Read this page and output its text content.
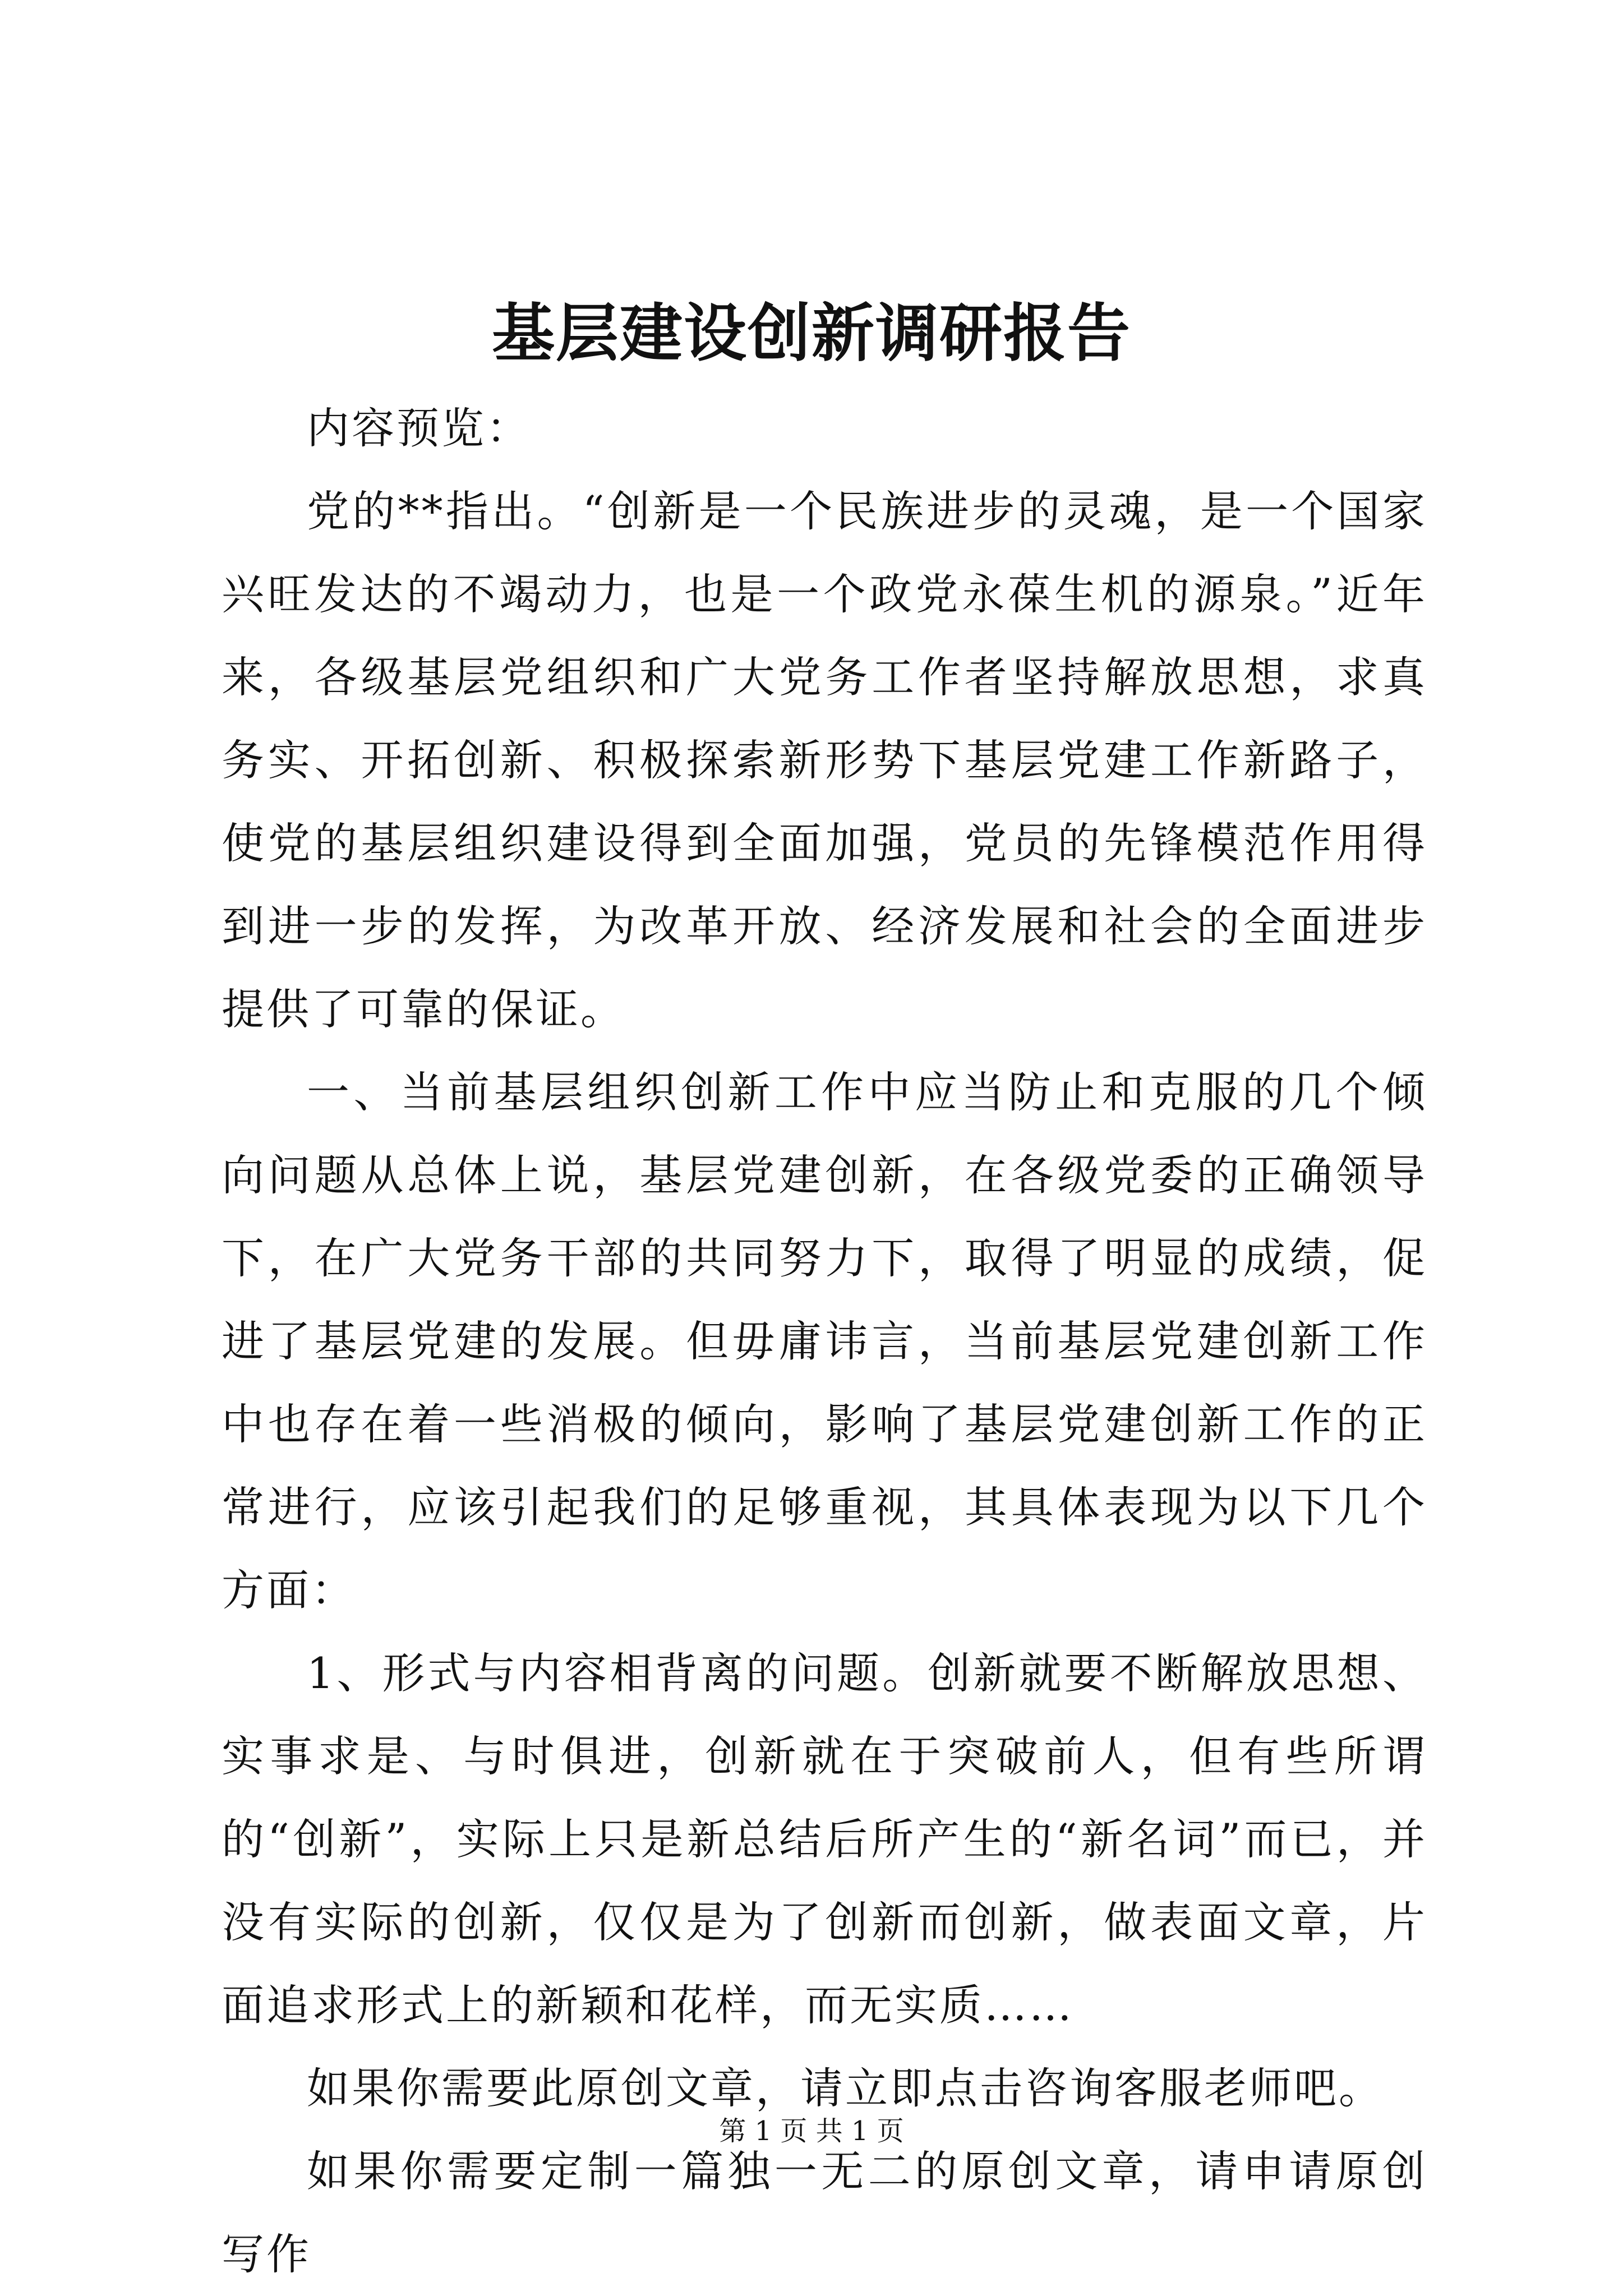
基层建设创新调研报告

内容预览：

党的**指出。“创新是一个民族进步的灵魂，是一个国家兴旺发达的不竭动力，也是一个政党永葆生机的源泉。”近年来，各级基层党组织和广大党务工作者坚持解放思想，求真务实、开拓创新、积极探索新形势下基层党建工作新路子，使党的基层组织建设得到全面加强，党员的先锋模范作用得到进一步的发挥，为改革开放、经济发展和社会的全面进步提供了可靠的保证。

一、当前基层组织创新工作中应当防止和克服的几个倾向问题从总体上说，基层党建创新，在各级党委的正确领导下，在广大党务干部的共同努力下，取得了明显的成绩，促进了基层党建的发展。但毋庸讳言，当前基层党建创新工作中也存在着一些消极的倾向，影响了基层党建创新工作的正常进行，应该引起我们的足够重视，其具体表现为以下几个方面：

1、形式与内容相背离的问题。创新就要不断解放思想、实事求是、与时俱进，创新就在于突破前人，但有些所谓的“创新”，实际上只是新总结后所产生的“新名词”而已，并没有实际的创新，仅仅是为了创新而创新，做表面文章，片面追求形式上的新颖和花样，而无实质……

如果你需要此原创文章，请立即点击咨询客服老师吧。

如果你需要定制一篇独一无二的原创文章，请申请原创写作

第 1 页 共 1 页
